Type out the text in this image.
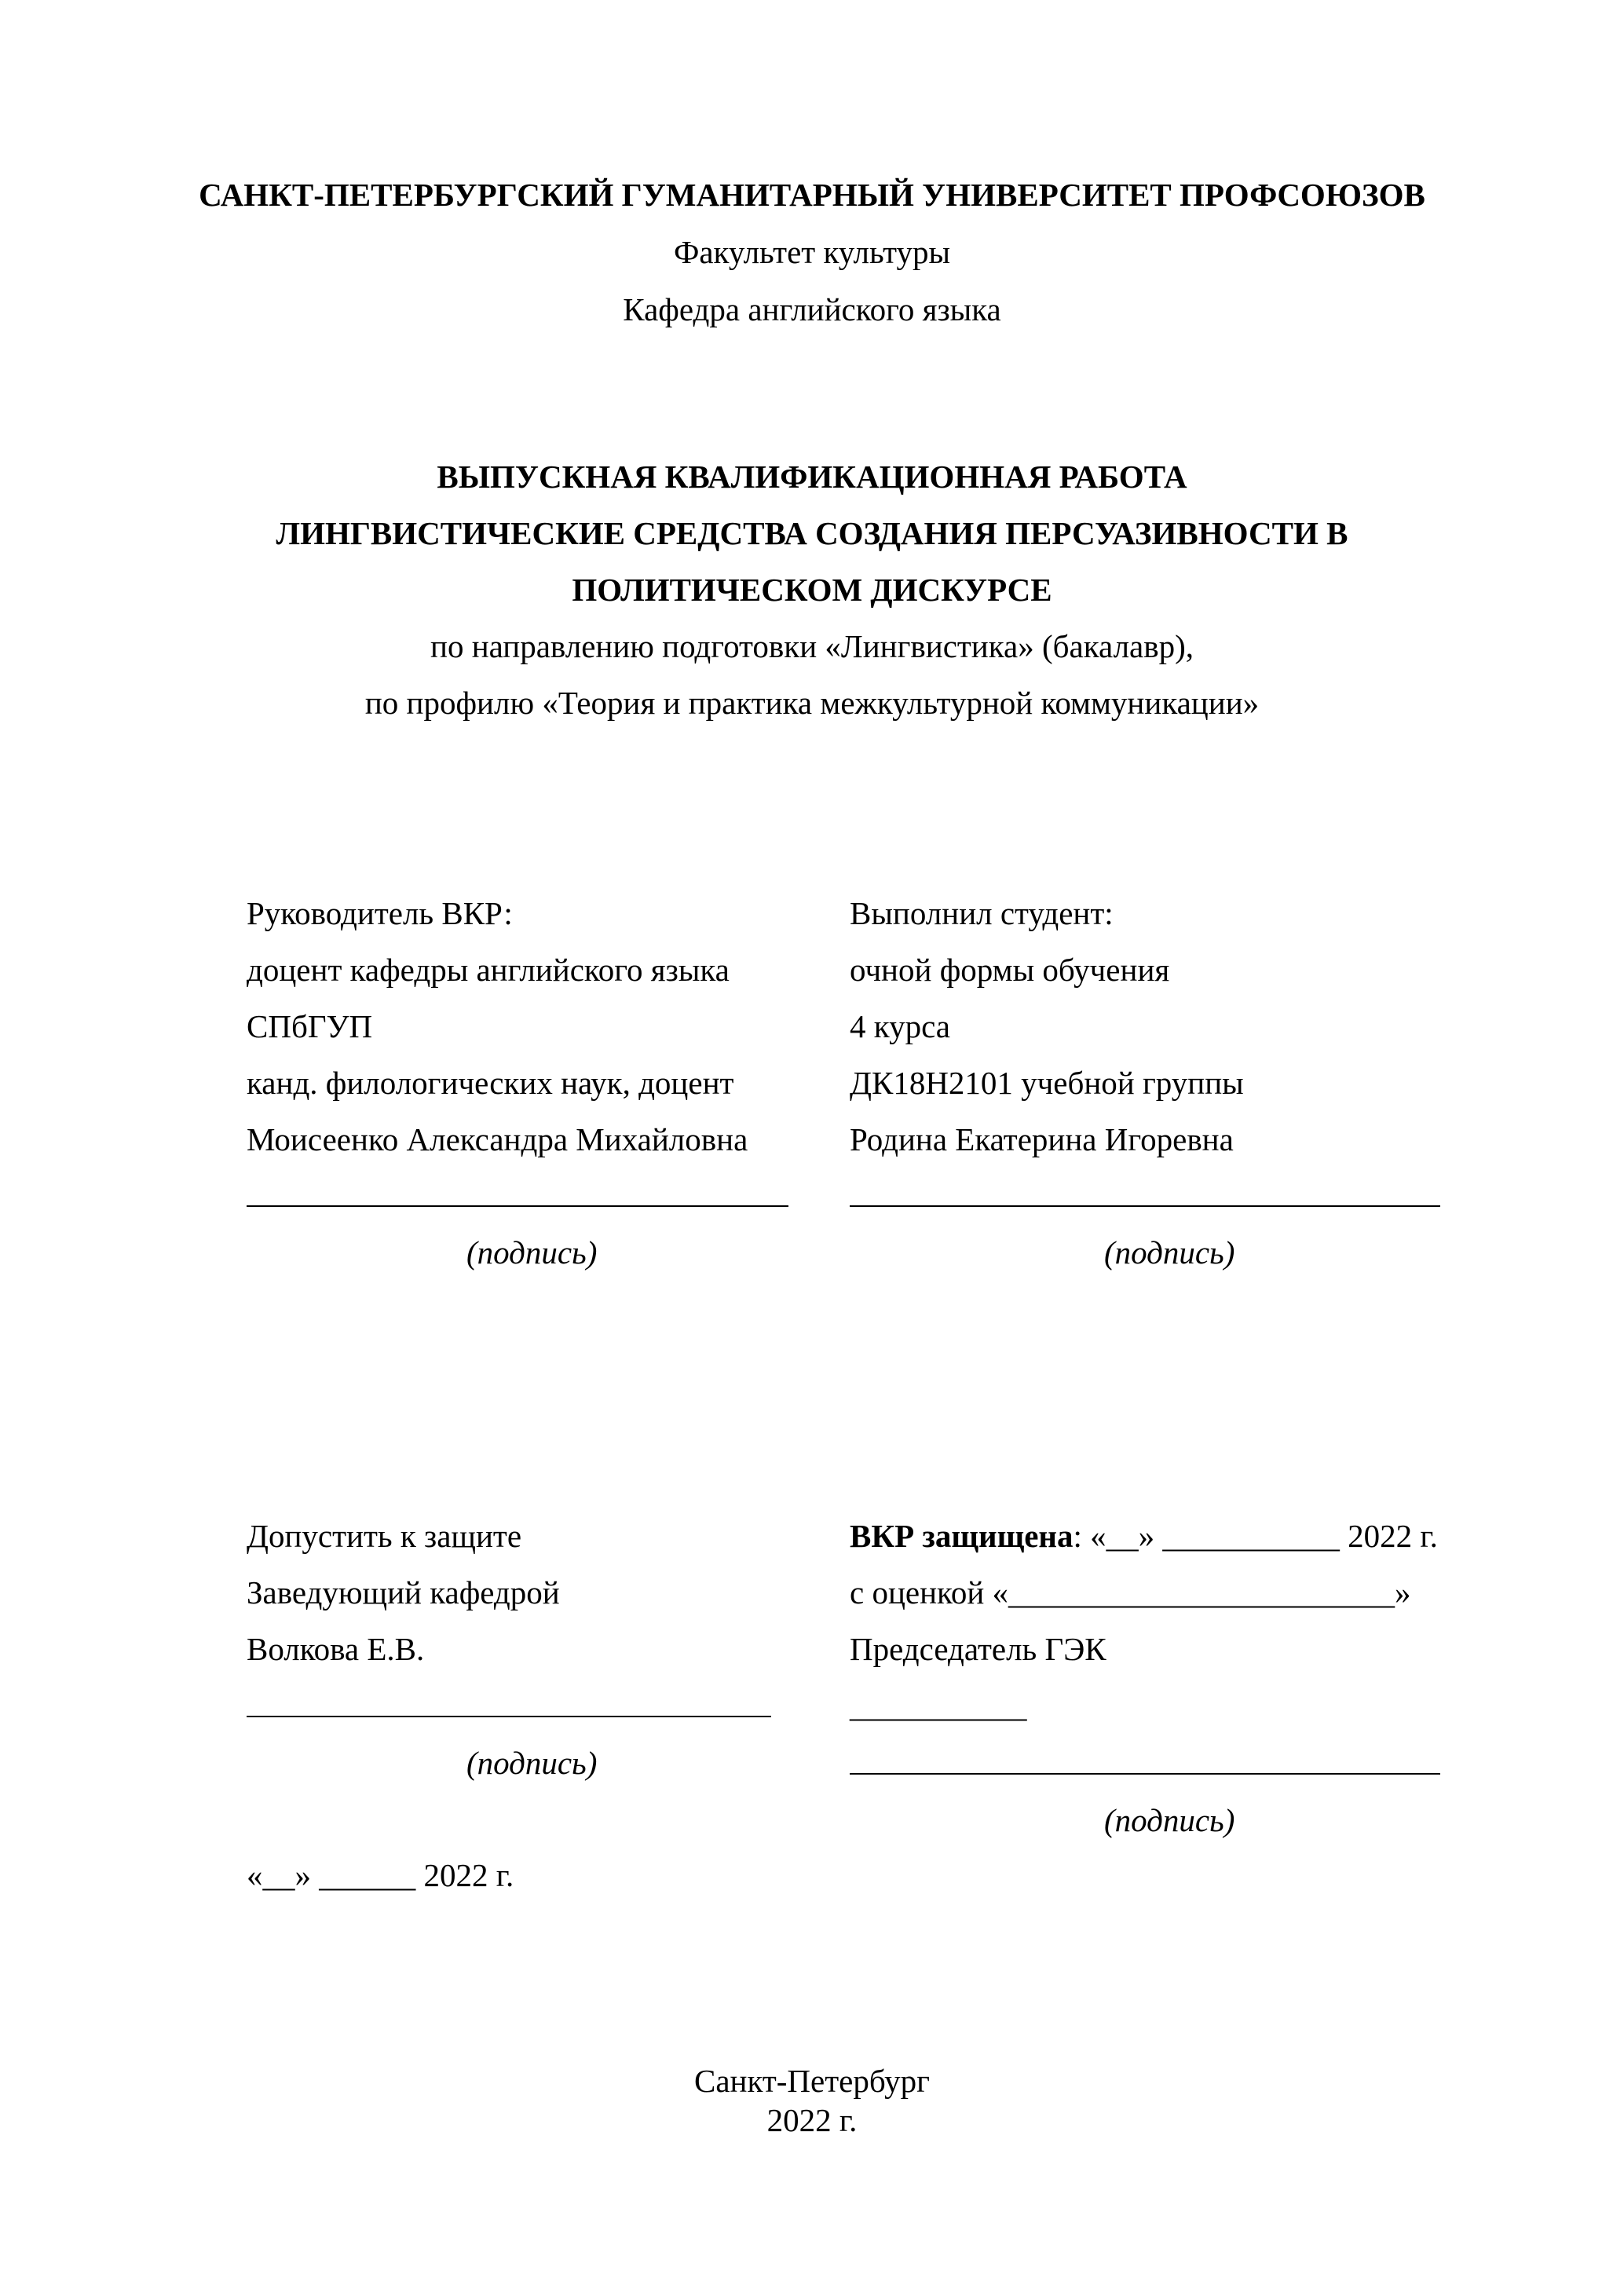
САНКТ-ПЕТЕРБУРГСКИЙ ГУМАНИТАРНЫЙ УНИВЕРСИТЕТ ПРОФСОЮЗОВ
Факультет культуры
Кафедра английского языка
ВЫПУСКНАЯ КВАЛИФИКАЦИОННАЯ РАБОТА
ЛИНГВИСТИЧЕСКИЕ СРЕДСТВА СОЗДАНИЯ ПЕРСУАЗИВНОСТИ В
ПОЛИТИЧЕСКОМ ДИСКУРСЕ
по направлению подготовки «Лингвистика» (бакалавр),
по профилю «Теория и практика межкультурной коммуникации»
Руководитель ВКР:
доцент кафедры английского языка
СПбГУП
канд. филологических наук, доцент
Моисеенко Александра Михайловна
(подпись)
Выполнил студент:
очной формы обучения
4 курса
ДК18Н2101 учебной группы
Родина Екатерина Игоревна
(подпись)
Допустить к защите
Заведующий кафедрой
Волкова Е.В.
(подпись)
«__» ______ 2022 г.
ВКР защищена: «__» ___________ 2022 г.
с оценкой «________________________»
Председатель ГЭК
___________
(подпись)
Санкт-Петербург
2022 г.
